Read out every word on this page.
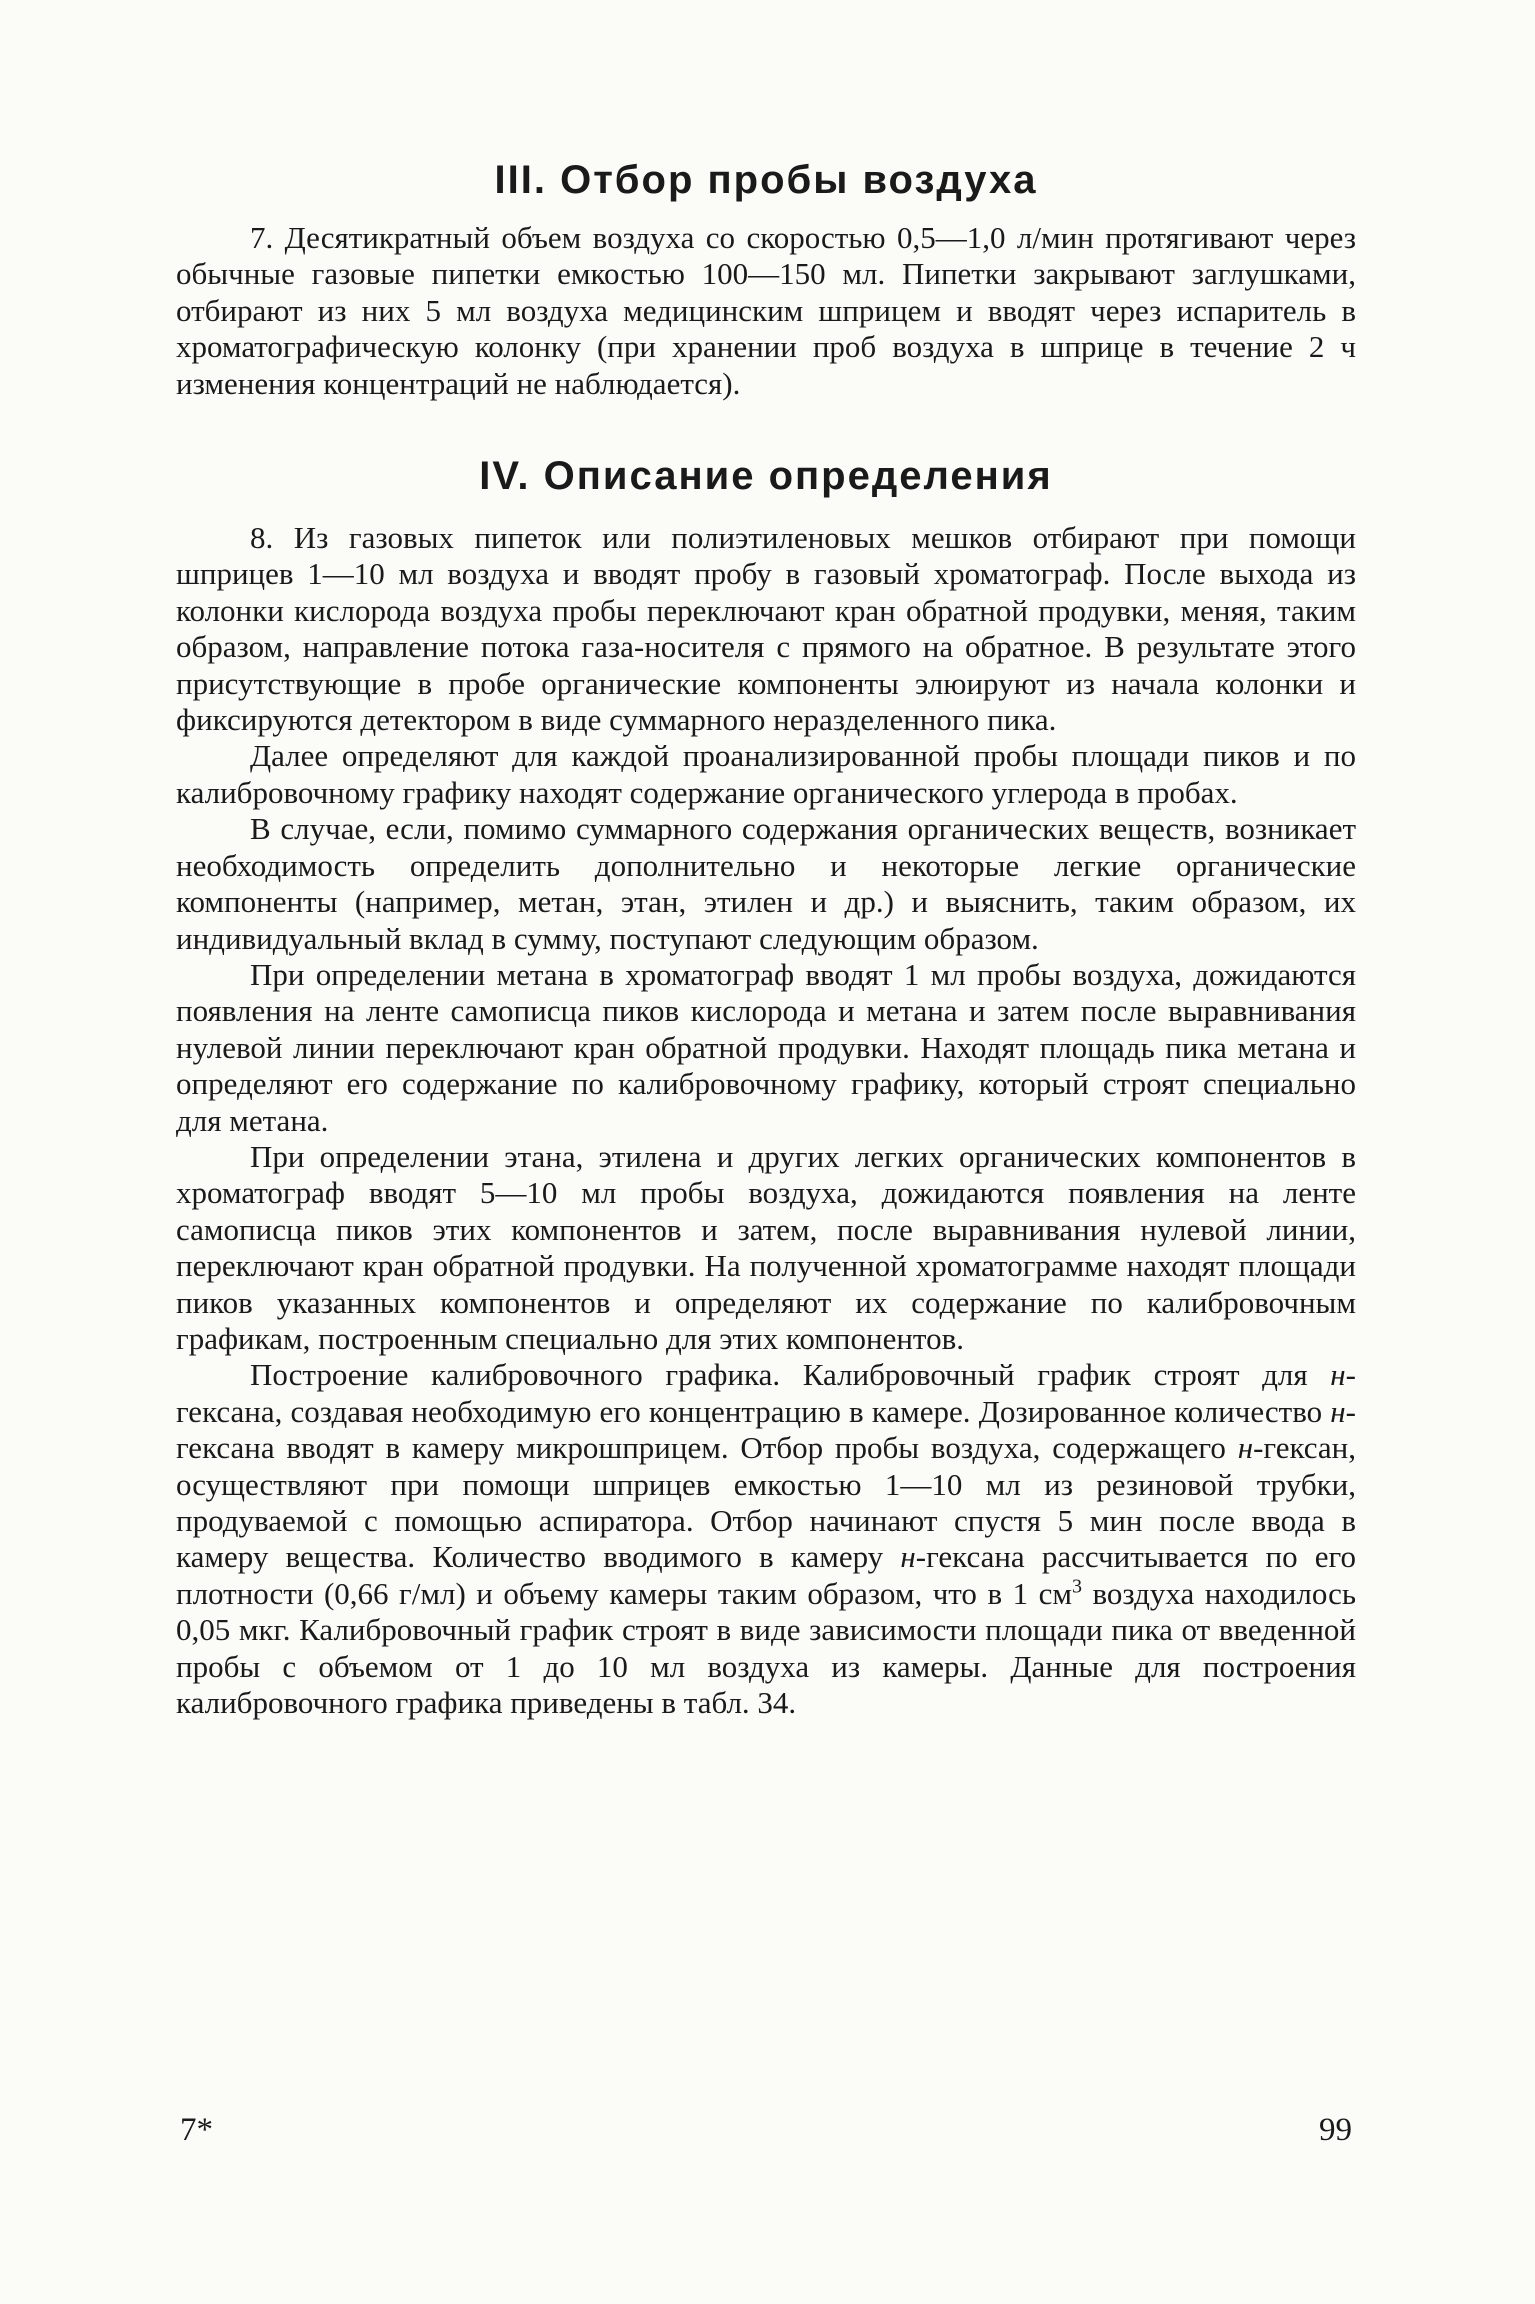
III. Отбор пробы воздуха

7. Десятикратный объем воздуха со скоростью 0,5—1,0 л/мин протягивают через обычные газовые пипетки емкостью 100—150 мл. Пипетки закрывают заглушками, отбирают из них 5 мл воздуха медицинским шприцем и вводят через испаритель в хроматографическую колонку (при хранении проб воздуха в шприце в течение 2 ч изменения концентраций не наблюдается).

IV. Описание определения

8. Из газовых пипеток или полиэтиленовых мешков отбирают при помощи шприцев 1—10 мл воздуха и вводят пробу в газовый хроматограф. После выхода из колонки кислорода воздуха пробы переключают кран обратной продувки, меняя, таким образом, направление потока газа-носителя с прямого на обратное. В результате этого присутствующие в пробе органические компоненты элюируют из начала колонки и фиксируются детектором в виде суммарного неразделенного пика.

Далее определяют для каждой проанализированной пробы площади пиков и по калибровочному графику находят содержание органического углерода в пробах.

В случае, если, помимо суммарного содержания органических веществ, возникает необходимость определить дополнительно и некоторые легкие органические компоненты (например, метан, этан, этилен и др.) и выяснить, таким образом, их индивидуальный вклад в сумму, поступают следующим образом.

При определении метана в хроматограф вводят 1 мл пробы воздуха, дожидаются появления на ленте самописца пиков кислорода и метана и затем после выравнивания нулевой линии переключают кран обратной продувки. Находят площадь пика метана и определяют его содержание по калибровочному графику, который строят специально для метана.

При определении этана, этилена и других легких органических компонентов в хроматограф вводят 5—10 мл пробы воздуха, дожидаются появления на ленте самописца пиков этих компонентов и затем, после выравнивания нулевой линии, переключают кран обратной продувки. На полученной хроматограмме находят площади пиков указанных компонентов и определяют их содержание по калибровочным графикам, построенным специально для этих компонентов.

Построение калибровочного графика. Калибровочный график строят для н-гексана, создавая необходимую его концентрацию в камере. Дозированное количество н-гексана вводят в камеру микрошприцем. Отбор пробы воздуха, содержащего н-гексан, осуществляют при помощи шприцев емкостью 1—10 мл из резиновой трубки, продуваемой с помощью аспиратора. Отбор начинают спустя 5 мин после ввода в камеру вещества. Количество вводимого в камеру н-гексана рассчитывается по его плотности (0,66 г/мл) и объему камеры таким образом, что в 1 $см^3$ воздуха находилось 0,05 мкг. Калибровочный график строят в виде зависимости площади пика от введенной пробы с объемом от 1 до 10 мл воздуха из камеры. Данные для построения калибровочного графика приведены в табл. 34.

7*	99
